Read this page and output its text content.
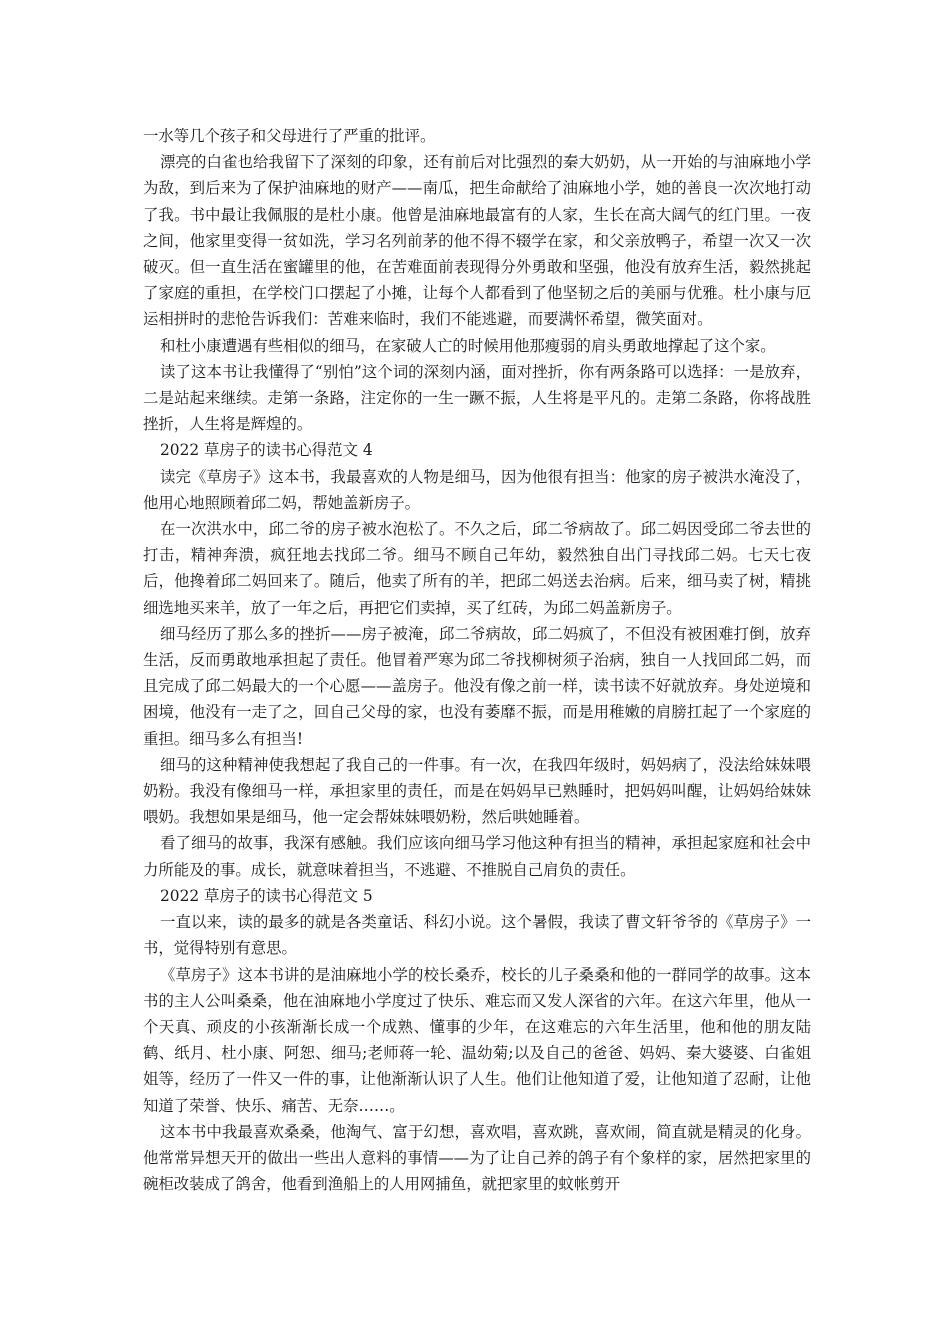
一水等几个孩子和父母进行了严重的批评。

漂亮的白雀也给我留下了深刻的印象，还有前后对比强烈的秦大奶奶，从一开始的与油麻地小学为敌，到后来为了保护油麻地的财产——南瓜，把生命献给了油麻地小学，她的善良一次次地打动了我。书中最让我佩服的是杜小康。他曾是油麻地最富有的人家，生长在高大阔气的红门里。一夜之间，他家里变得一贫如洗，学习名列前茅的他不得不辍学在家，和父亲放鸭子，希望一次又一次破灭。但一直生活在蜜罐里的他，在苦难面前表现得分外勇敢和坚强，他没有放弃生活，毅然挑起了家庭的重担，在学校门口摆起了小摊，让每个人都看到了他坚韧之后的美丽与优雅。杜小康与厄运相拼时的悲怆告诉我们：苦难来临时，我们不能逃避，而要满怀希望，微笑面对。

和杜小康遭遇有些相似的细马，在家破人亡的时候用他那瘦弱的肩头勇敢地撑起了这个家。

读了这本书让我懂得了“别怕”这个词的深刻内涵，面对挫折，你有两条路可以选择：一是放弃，二是站起来继续。走第一条路，注定你的一生一蹶不振，人生将是平凡的。走第二条路，你将战胜挫折，人生将是辉煌的。

2022 草房子的读书心得范文 4

读完《草房子》这本书，我最喜欢的人物是细马，因为他很有担当：他家的房子被洪水淹没了，他用心地照顾着邱二妈，帮她盖新房子。

在一次洪水中，邱二爷的房子被水泡松了。不久之后，邱二爷病故了。邱二妈因受邱二爷去世的打击，精神奔溃，疯狂地去找邱二爷。细马不顾自己年幼，毅然独自出门寻找邱二妈。七天七夜后，他搀着邱二妈回来了。随后，他卖了所有的羊，把邱二妈送去治病。后来，细马卖了树，精挑细选地买来羊，放了一年之后，再把它们卖掉，买了红砖，为邱二妈盖新房子。

细马经历了那么多的挫折——房子被淹，邱二爷病故，邱二妈疯了，不但没有被困难打倒，放弃生活，反而勇敢地承担起了责任。他冒着严寒为邱二爷找柳树须子治病，独自一人找回邱二妈，而且完成了邱二妈最大的一个心愿——盖房子。他没有像之前一样，读书读不好就放弃。身处逆境和困境，他没有一走了之，回自己父母的家，也没有萎靡不振，而是用稚嫩的肩膀扛起了一个家庭的重担。细马多么有担当!

细马的这种精神使我想起了我自己的一件事。有一次，在我四年级时，妈妈病了，没法给妹妹喂奶粉。我没有像细马一样，承担家里的责任，而是在妈妈早已熟睡时，把妈妈叫醒，让妈妈给妹妹喂奶。我想如果是细马，他一定会帮妹妹喂奶粉，然后哄她睡着。

看了细马的故事，我深有感触。我们应该向细马学习他这种有担当的精神，承担起家庭和社会中力所能及的事。成长，就意味着担当，不逃避、不推脱自己肩负的责任。

2022 草房子的读书心得范文 5

一直以来，读的最多的就是各类童话、科幻小说。这个暑假，我读了曹文轩爷爷的《草房子》一书，觉得特别有意思。

《草房子》这本书讲的是油麻地小学的校长桑乔，校长的儿子桑桑和他的一群同学的故事。这本书的主人公叫桑桑，他在油麻地小学度过了快乐、难忘而又发人深省的六年。在这六年里，他从一个天真、顽皮的小孩渐渐长成一个成熟、懂事的少年，在这难忘的六年生活里，他和他的朋友陆鹤、纸月、杜小康、阿恕、细马;老师蒋一轮、温幼菊;以及自己的爸爸、妈妈、秦大婆婆、白雀姐姐等，经历了一件又一件的事，让他渐渐认识了人生。他们让他知道了爱，让他知道了忍耐，让他知道了荣誉、快乐、痛苦、无奈……。

这本书中我最喜欢桑桑，他淘气、富于幻想，喜欢唱，喜欢跳，喜欢闹，简直就是精灵的化身。他常常异想天开的做出一些出人意料的事情——为了让自己养的鸽子有个象样的家，居然把家里的碗柜改装成了鸽舍，他看到渔船上的人用网捕鱼，就把家里的蚊帐剪开
